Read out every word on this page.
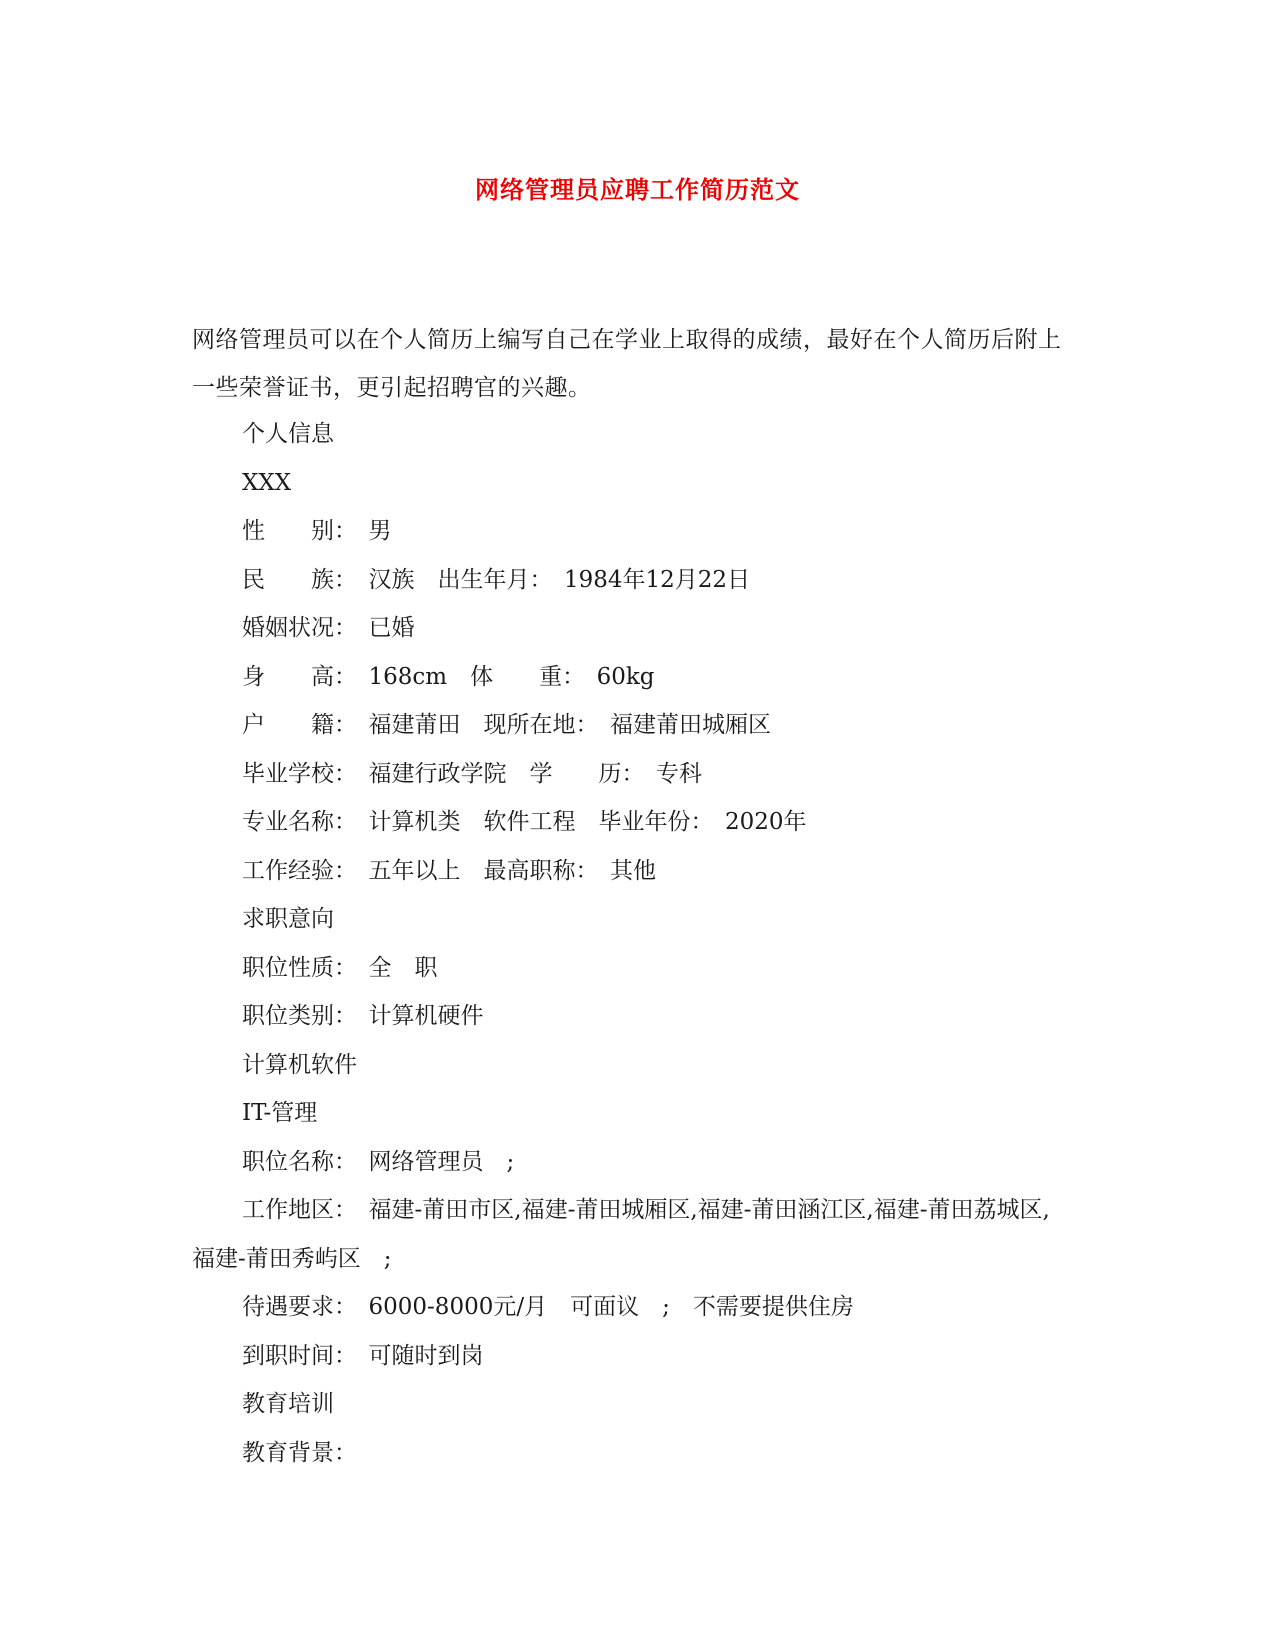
网络管理员应聘工作简历范文
网络管理员可以在个人简历上编写自己在学业上取得的成绩，最好在个人简历后附上一些荣誉证书，更引起招聘官的兴趣。
个人信息
XXX
性　　别：　男
民　　族：　汉族　出生年月：　1984年12月22日
婚姻状况：　已婚
身　　高：　168cm　体　　重：　60kg
户　　籍：　福建莆田　现所在地：　福建莆田城厢区
毕业学校：　福建行政学院　学　　历：　专科
专业名称：　计算机类　软件工程　毕业年份：　2020年
工作经验：　五年以上　最高职称：　其他
求职意向
职位性质：　全　职
职位类别：　计算机硬件
计算机软件
IT-管理
职位名称：　网络管理员　;
工作地区：　福建-莆田市区,福建-莆田城厢区,福建-莆田涵江区,福建-莆田荔城区,福建-莆田秀屿区　;
待遇要求：　6000-8000元/月　可面议　;　不需要提供住房
到职时间：　可随时到岗
教育培训
教育背景：
